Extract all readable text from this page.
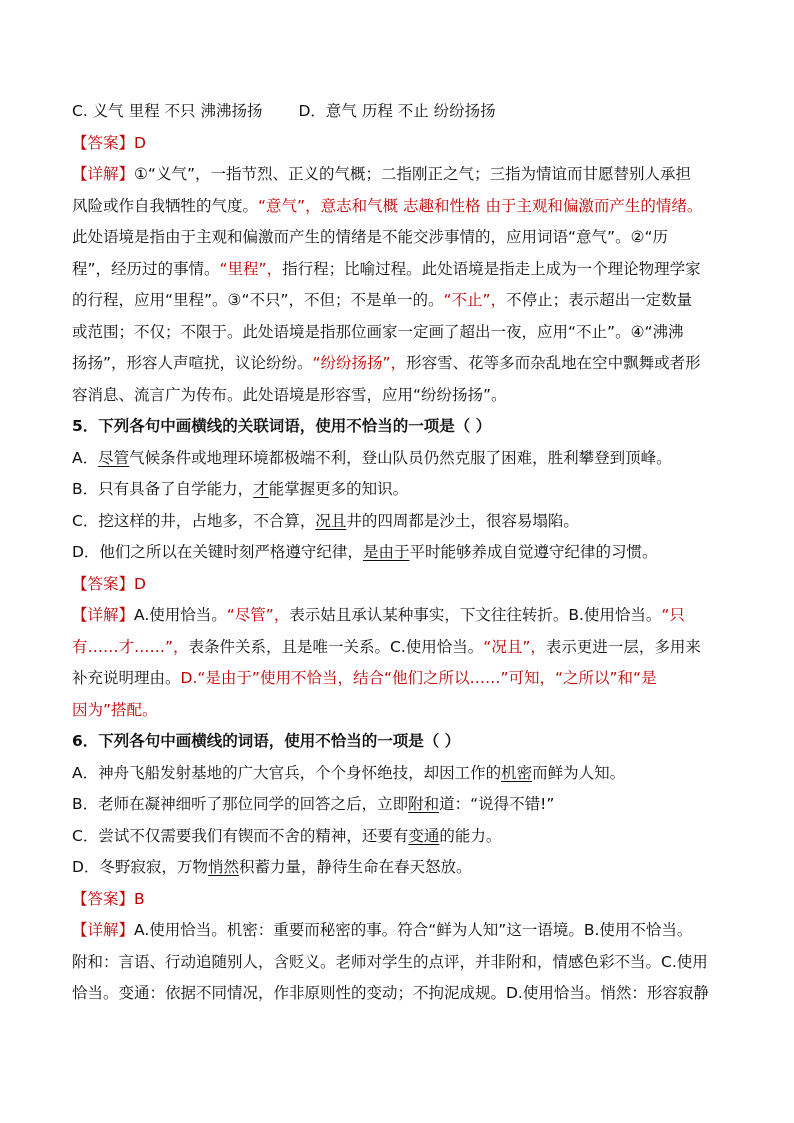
C. 义气 里程 不只 沸沸扬扬 D．意气 历程 不止 纷纷扬扬
【答案】D
【详解】①“义气”，一指节烈、正义的气概；二指刚正之气；三指为情谊而甘愿替别人承担
风险或作自我牺牲的气度。“意气”，意志和气概 志趣和性格 由于主观和偏激而产生的情绪。
此处语境是指由于主观和偏激而产生的情绪是不能交涉事情的，应用词语“意气”。②“历
程”，经历过的事情。“里程”，指行程；比喻过程。此处语境是指走上成为一个理论物理学家
的行程，应用“里程”。③“不只”，不但；不是单一的。“不止”，不停止；表示超出一定数量
或范围；不仅；不限于。此处语境是指那位画家一定画了超出一夜，应用“不止”。④“沸沸
扬扬”，形容人声喧扰，议论纷纷。“纷纷扬扬”，形容雪、花等多而杂乱地在空中飘舞或者形
容消息、流言广为传布。此处语境是形容雪，应用“纷纷扬扬”。
5．下列各句中画横线的关联词语，使用不恰当的一项是（ ）
A．尽管气候条件或地理环境都极端不利，登山队员仍然克服了困难，胜利攀登到顶峰。
B．只有具备了自学能力，才能掌握更多的知识。
C．挖这样的井，占地多，不合算，况且井的四周都是沙土，很容易塌陷。
D．他们之所以在关键时刻严格遵守纪律，是由于平时能够养成自觉遵守纪律的习惯。
【答案】D
【详解】A.使用恰当。“尽管”，表示姑且承认某种事实，下文往往转折。B.使用恰当。“只
有……才……”，表条件关系，且是唯一关系。C.使用恰当。“况且”，表示更进一层，多用来
补充说明理由。D.“是由于”使用不恰当，结合“他们之所以……”可知，“之所以”和“是
因为”搭配。
6．下列各句中画横线的词语，使用不恰当的一项是（ ）
A．神舟飞船发射基地的广大官兵，个个身怀绝技，却因工作的机密而鲜为人知。
B．老师在凝神细听了那位同学的回答之后，立即附和道：“说得不错!”
C．尝试不仅需要我们有锲而不舍的精神，还要有变通的能力。
D．冬野寂寂，万物悄然积蓄力量，静待生命在春天怒放。
【答案】B
【详解】A.使用恰当。机密：重要而秘密的事。符合“鲜为人知”这一语境。B.使用不恰当。
附和：言语、行动追随别人，含贬义。老师对学生的点评，并非附和，情感色彩不当。C.使用
恰当。变通：依据不同情况，作非原则性的变动；不拘泥成规。D.使用恰当。悄然：形容寂静
